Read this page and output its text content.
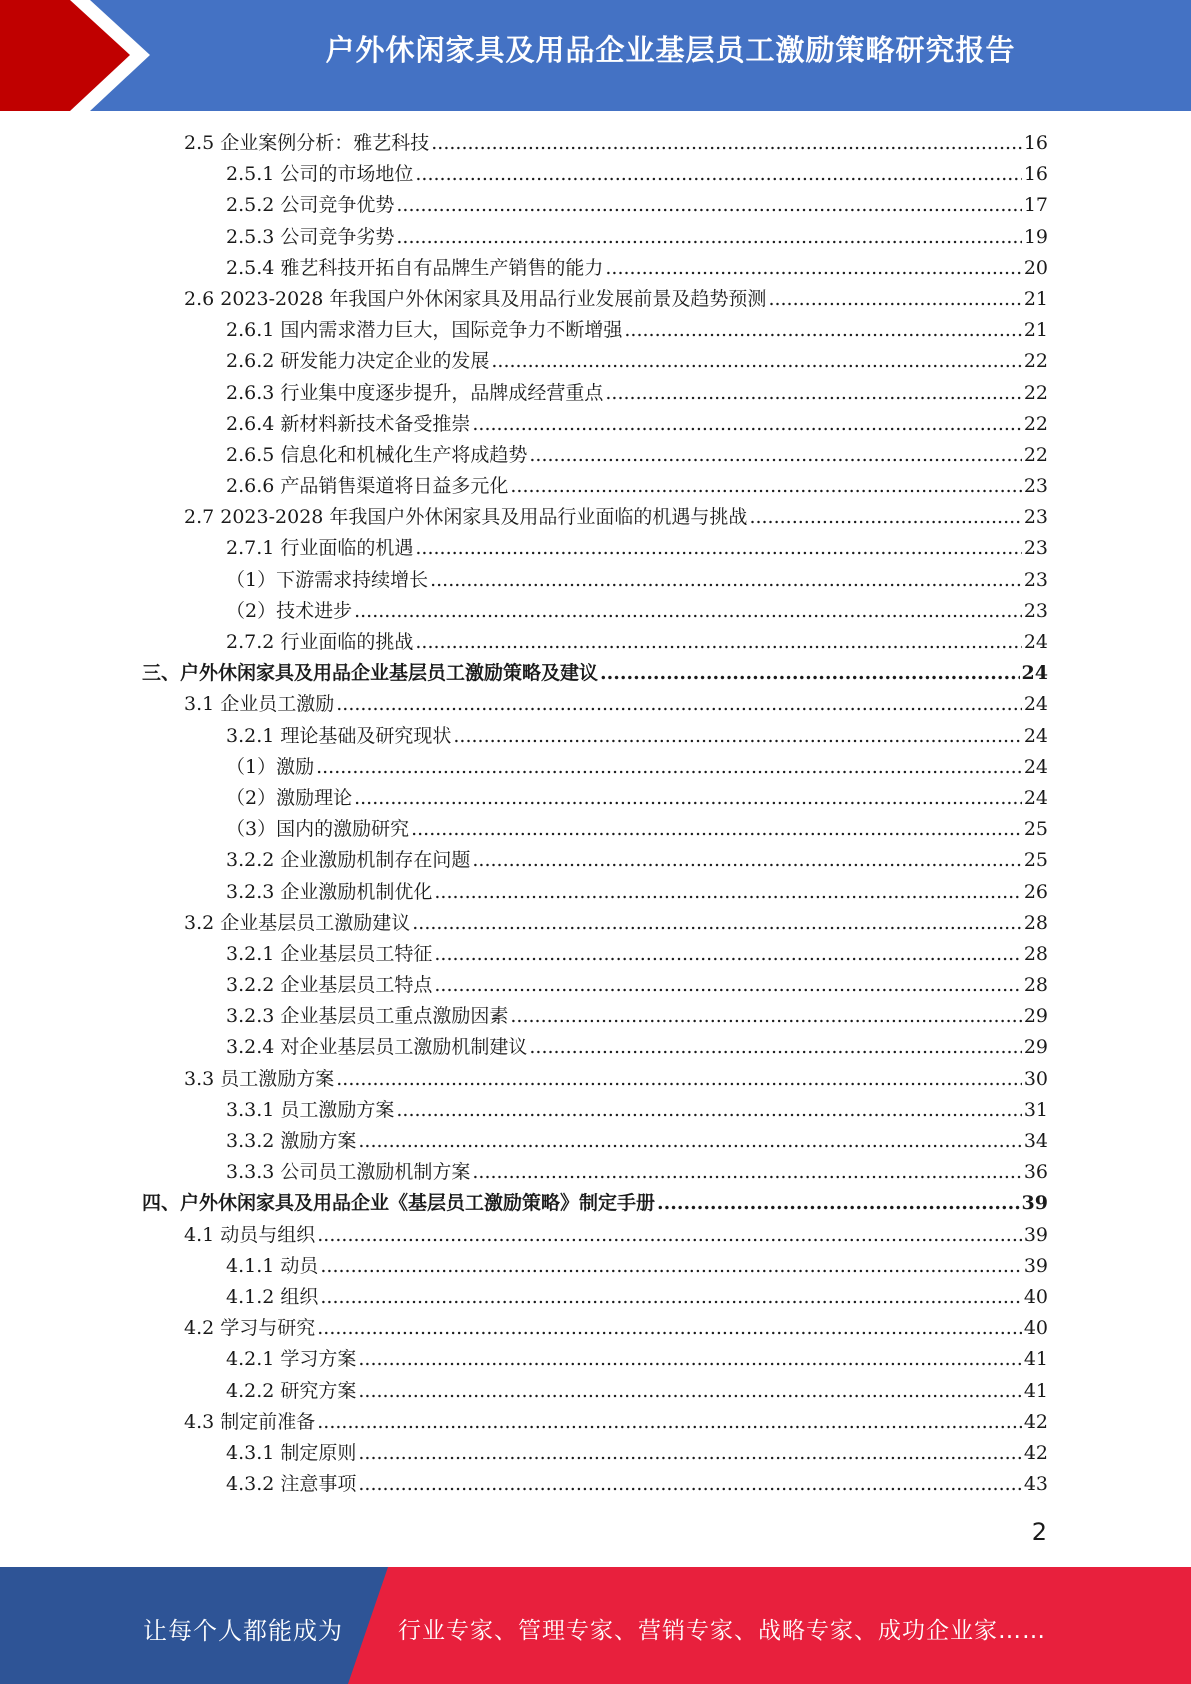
户外休闲家具及用品企业基层员工激励策略研究报告
2.5 企业案例分析：雅艺科技 .....	16
2.5.1 公司的市场地位 .....	16
2.5.2 公司竞争优势 .....	17
2.5.3 公司竞争劣势 .....	19
2.5.4 雅艺科技开拓自有品牌生产销售的能力 .....	20
2.6 2023-2028 年我国户外休闲家具及用品行业发展前景及趋势预测 .....	21
2.6.1 国内需求潜力巨大，国际竞争力不断增强 .....	21
2.6.2 研发能力决定企业的发展 .....	22
2.6.3 行业集中度逐步提升，品牌成经营重点 .....	22
2.6.4 新材料新技术备受推崇 .....	22
2.6.5 信息化和机械化生产将成趋势 .....	22
2.6.6 产品销售渠道将日益多元化 .....	23
2.7 2023-2028 年我国户外休闲家具及用品行业面临的机遇与挑战 .....	23
2.7.1 行业面临的机遇 .....	23
（1）下游需求持续增长 .....	23
（2）技术进步 .....	23
2.7.2 行业面临的挑战 .....	24
三、户外休闲家具及用品企业基层员工激励策略及建议 .....	24
3.1 企业员工激励 .....	24
3.2.1 理论基础及研究现状 .....	24
（1）激励 .....	24
（2）激励理论 .....	24
（3）国内的激励研究 .....	25
3.2.2 企业激励机制存在问题 .....	25
3.2.3 企业激励机制优化 .....	26
3.2 企业基层员工激励建议 .....	28
3.2.1 企业基层员工特征 .....	28
3.2.2 企业基层员工特点 .....	28
3.2.3 企业基层员工重点激励因素 .....	29
3.2.4 对企业基层员工激励机制建议 .....	29
3.3 员工激励方案 .....	30
3.3.1 员工激励方案 .....	31
3.3.2 激励方案 .....	34
3.3.3 公司员工激励机制方案 .....	36
四、户外休闲家具及用品企业《基层员工激励策略》制定手册 .....	39
4.1 动员与组织 .....	39
4.1.1 动员 .....	39
4.1.2 组织 .....	40
4.2 学习与研究 .....	40
4.2.1 学习方案 .....	41
4.2.2 研究方案 .....	41
4.3 制定前准备 .....	42
4.3.1 制定原则 .....	42
4.3.2 注意事项 .....	43
2
让每个人都能成为 行业专家、管理专家、营销专家、战略专家、成功企业家……
